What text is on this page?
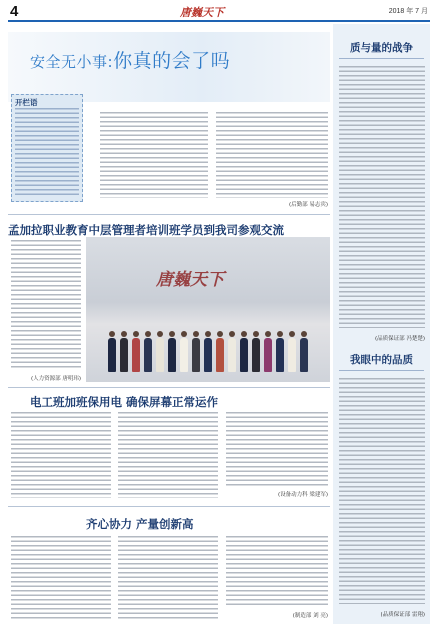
4	唐巍天下	2018 年 7 月
安全无小事:你真的会了吗
开栏语
(后勤部 易志宾)
孟加拉职业教育中层管理者培训班学员到我司参观交流
(人力资源部 唐明玮)
唐巍天下
电工班加班保用电 确保屏幕正常运作
(设备动力科 梁建军)
齐心协力 产量创新高
(制造部 刘 亮)
质与量的战争
(品质保证部 冯楚楚)
我眼中的品质
(品质保证部 雷翔)
